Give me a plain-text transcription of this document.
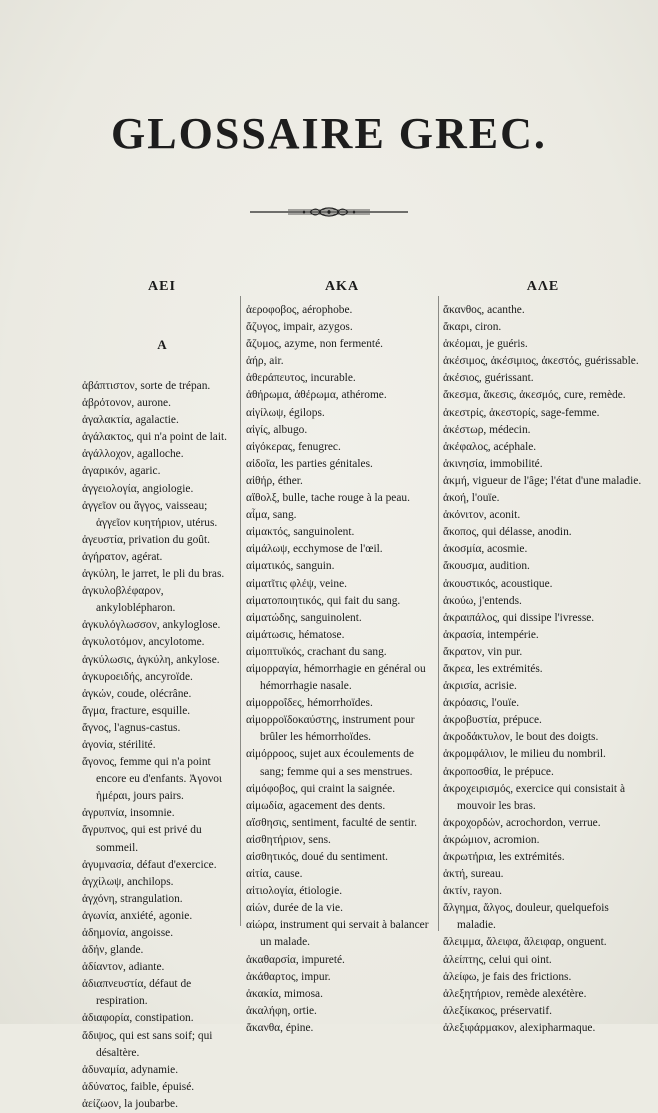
GLOSSAIRE GREC.
AEI
A
ἀβάπτιστον, sorte de trépan.
ἀβρότονον, aurone.
ἀγαλακτία, agalactie.
ἀγάλακτος, qui n'a point de lait.
ἀγάλλοχον, agalloche.
ἀγαρικόν, agaric.
ἀγγειολογία, angiologie.
ἀγγεῖον ou ἄγγος, vaisseau; ἀγγεῖον κυητήριον, utérus.
ἀγευστία, privation du goût.
ἀγήρατον, agérat.
ἀγκύλη, le jarret, le pli du bras.
ἀγκυλοβλέφαρον, ankyloblépharon.
ἀγκυλόγλωσσον, ankyloglose.
ἀγκυλοτόμον, ancylotome.
ἀγκύλωσις, ἀγκύλη, ankylose.
ἀγκυροειδής, ancyroïde.
ἀγκών, coude, olécrâne.
ἄγμα, fracture, esquille.
ἄγνος, l'agnus-castus.
ἀγονία, stérilité.
ἄγονος, femme qui n'a point encore eu d'enfants. Ἀγονοι ἡμέραι, jours pairs.
ἀγρυπνία, insomnie.
ἄγρυπνος, qui est privé du sommeil.
ἀγυμνασία, défaut d'exercice.
ἀγχίλωψ, anchilops.
ἀγχόνη, strangulation.
ἀγωνία, anxiété, agonie.
ἀδημονία, angoisse.
ἀδήν, glande.
ἀδίαντον, adiante.
ἀδιαπνευστία, défaut de respiration.
ἀδιαφορία, constipation.
ἄδιψος, qui est sans soif; qui désaltère.
ἀδυναμία, adynamie.
ἀδύνατος, faible, épuisé.
ἀείζωον, la joubarbe.
AKA
ἀεροφοβος, aérophobe.
ἄζυγος, impair, azygos.
ἄζυμος, azyme, non fermenté.
ἀήρ, air.
ἀθεράπευτος, incurable.
ἀθήρωμα, ἀθέρωμα, athérome.
αἰγίλωψ, égilops.
αἰγίς, albugo.
αἰγόκερας, fenugrec.
αἰδοῖα, les parties génitales.
αἰθήρ, éther.
αἴθολξ, bulle, tache rouge à la peau.
αἷμα, sang.
αἱμακτός, sanguinolent.
αἱμάλωψ, ecchymose de l'œil.
αἱματικός, sanguin.
αἱματῖτις φλέψ, veine.
αἱματοποιητικός, qui fait du sang.
αἱματώδης, sanguinolent.
αἱμάτωσις, hématose.
αἱμοπτυϊκός, crachant du sang.
αἱμορραγία, hémorrhagie en général ou hémorrhagie nasale.
αἱμορροΐδες, hémorrhoïdes.
αἱμορροϊδοκαύστης, instrument pour brûler les hémorrhoïdes.
αἱμόρροος, sujet aux écoulements de sang; femme qui a ses menstrues.
αἱμόφοβος, qui craint la saignée.
αἱμωδία, agacement des dents.
αἴσθησις, sentiment, faculté de sentir.
αἰσθητήριον, sens.
αἰσθητικός, doué du sentiment.
αἰτία, cause.
αἰτιολογία, étiologie.
αἰών, durée de la vie.
αἰώρα, instrument qui servait à balancer un malade.
ἀκαθαρσία, impureté.
ἀκάθαρτος, impur.
ἀκακία, mimosa.
ἀκαλήφη, ortie.
ἄκανθα, épine.
AΛE
ἄκανθος, acanthe.
ἄκαρι, ciron.
ἀκέομαι, je guéris.
ἀκέσιμος, ἀκέσιμιος, ἀκεστός, guérissable.
ἀκέσιος, guérissant.
ἄκεσμα, ἄκεσις, ἀκεσμός, cure, remède.
ἀκεστρίς, ἀκεστορίς, sage-femme.
ἀκέστωρ, médecin.
ἀκέφαλος, acéphale.
ἀκινησία, immobilité.
ἀκμή, vigueur de l'âge; l'état d'une maladie.
ἀκοή, l'ouïe.
ἀκόνιτον, aconit.
ἄκοπος, qui délasse, anodin.
ἀκοσμία, acosmie.
ἄκουσμα, audition.
ἀκουστικός, acoustique.
ἀκούω, j'entends.
ἀκραιπάλος, qui dissipe l'ivresse.
ἀκρασία, intempérie.
ἄκρατον, vin pur.
ἄκρεα, les extrémités.
ἀκρισία, acrisie.
ἀκρόασις, l'ouïe.
ἀκροβυστία, prépuce.
ἀκροδάκτυλον, le bout des doigts.
ἀκρομφάλιον, le milieu du nombril.
ἀκροποσθία, le prépuce.
ἀκροχειρισμός, exercice qui consistait à mouvoir les bras.
ἀκροχορδών, acrochordon, verrue.
ἀκρώμιον, acromion.
ἀκρωτήρια, les extrémités.
ἀκτή, sureau.
ἀκτίν, rayon.
ἄλγημα, ἄλγος, douleur, quelquefois maladie.
ἄλειμμα, ἄλειφα, ἄλειφαρ, onguent.
ἀλείπτης, celui qui oint.
ἀλείφω, je fais des frictions.
ἀλεξητήριον, remède alexétère.
ἀλεξίκακος, préservatif.
ἀλεξιφάρμακον, alexipharmaque.
